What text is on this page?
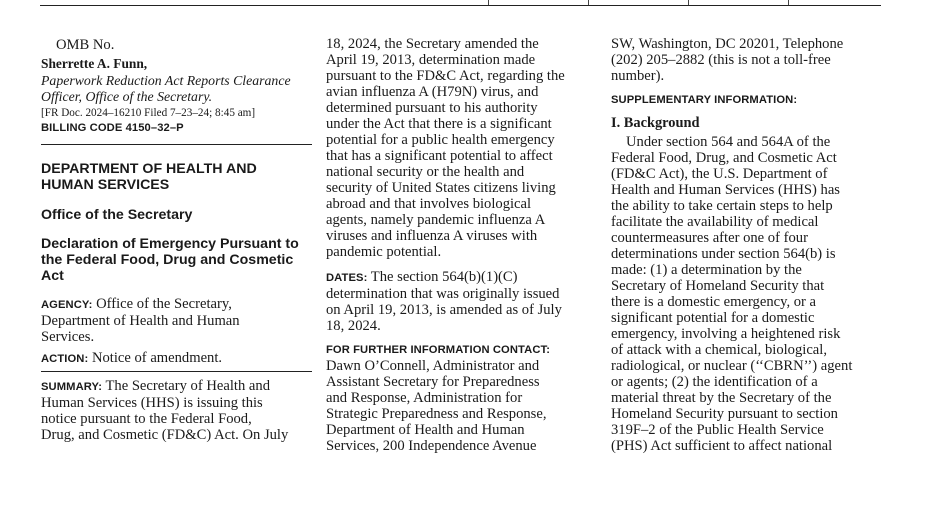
OMB No.
Sherrette A. Funn,
Paperwork Reduction Act Reports Clearance
Officer, Office of the Secretary.
[FR Doc. 2024–16210 Filed 7–23–24; 8:45 am]
BILLING CODE 4150–32–P
DEPARTMENT OF HEALTH AND
HUMAN SERVICES
Office of the Secretary
Declaration of Emergency Pursuant to
the Federal Food, Drug and Cosmetic
Act
AGENCY: Office of the Secretary,
Department of Health and Human
Services.
ACTION: Notice of amendment.
SUMMARY: The Secretary of Health and
Human Services (HHS) is issuing this
notice pursuant to the Federal Food,
Drug, and Cosmetic (FD&C) Act. On July
18, 2024, the Secretary amended the
April 19, 2013, determination made
pursuant to the FD&C Act, regarding the
avian influenza A (H79N) virus, and
determined pursuant to his authority
under the Act that there is a significant
potential for a public health emergency
that has a significant potential to affect
national security or the health and
security of United States citizens living
abroad and that involves biological
agents, namely pandemic influenza A
viruses and influenza A viruses with
pandemic potential.
DATES: The section 564(b)(1)(C)
determination that was originally issued
on April 19, 2013, is amended as of July
18, 2024.
FOR FURTHER INFORMATION CONTACT:
Dawn O’Connell, Administrator and
Assistant Secretary for Preparedness
and Response, Administration for
Strategic Preparedness and Response,
Department of Health and Human
Services, 200 Independence Avenue
SW, Washington, DC 20201, Telephone
(202) 205–2882 (this is not a toll-free
number).
SUPPLEMENTARY INFORMATION:
I. Background
Under section 564 and 564A of the
Federal Food, Drug, and Cosmetic Act
(FD&C Act), the U.S. Department of
Health and Human Services (HHS) has
the ability to take certain steps to help
facilitate the availability of medical
countermeasures after one of four
determinations under section 564(b) is
made: (1) a determination by the
Secretary of Homeland Security that
there is a domestic emergency, or a
significant potential for a domestic
emergency, involving a heightened risk
of attack with a chemical, biological,
radiological, or nuclear (‘‘CBRN’’) agent
or agents; (2) the identification of a
material threat by the Secretary of the
Homeland Security pursuant to section
319F–2 of the Public Health Service
(PHS) Act sufficient to affect national
